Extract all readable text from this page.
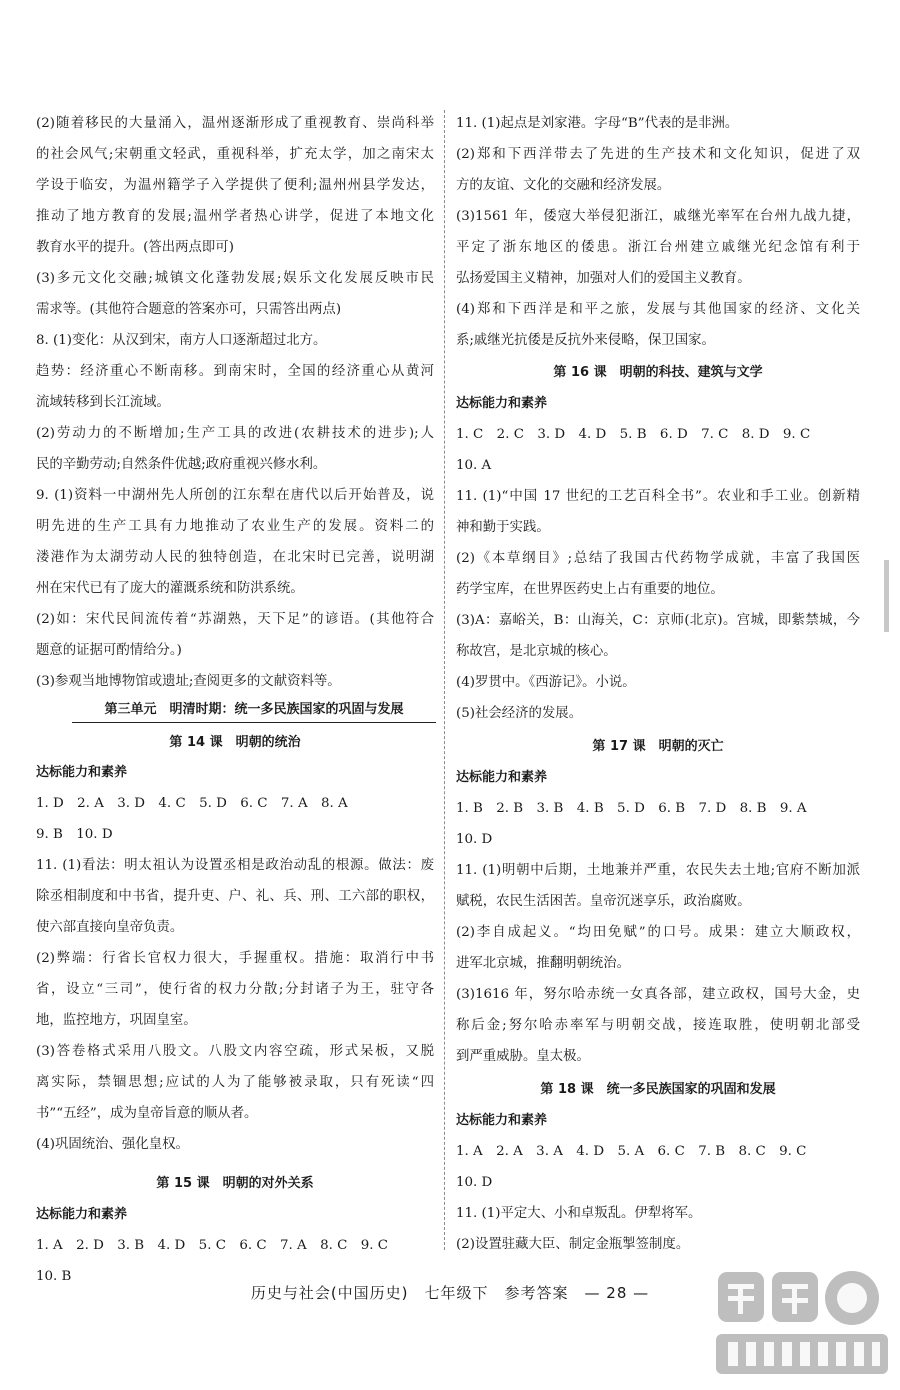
(2)随着移民的大量涌入，温州逐渐形成了重视教育、崇尚科举
的社会风气;宋朝重文轻武，重视科举，扩充太学，加之南宋太
学设于临安，为温州籍学子入学提供了便利;温州州县学发达，
推动了地方教育的发展;温州学者热心讲学，促进了本地文化
教育水平的提升。(答出两点即可)
(3)多元文化交融;城镇文化蓬勃发展;娱乐文化发展反映市民
需求等。(其他符合题意的答案亦可，只需答出两点)
8. (1)变化：从汉到宋，南方人口逐渐超过北方。
趋势：经济重心不断南移。到南宋时，全国的经济重心从黄河
流域转移到长江流域。
(2)劳动力的不断增加;生产工具的改进(农耕技术的进步);人
民的辛勤劳动;自然条件优越;政府重视兴修水利。
9. (1)资料一中湖州先人所创的江东犁在唐代以后开始普及，说
明先进的生产工具有力地推动了农业生产的发展。资料二的
溇港作为太湖劳动人民的独特创造，在北宋时已完善，说明湖
州在宋代已有了庞大的灌溉系统和防洪系统。
(2)如：宋代民间流传着“苏湖熟，天下足”的谚语。(其他符合
题意的证据可酌情给分。)
(3)参观当地博物馆或遗址;查阅更多的文献资料等。
第三单元　明清时期：统一多民族国家的巩固与发展
第 14 课　明朝的统治
达标能力和素养
1. D　2. A　3. D　4. C　5. D　6. C　7. A　8. A
9. B　10. D
11. (1)看法：明太祖认为设置丞相是政治动乱的根源。做法：废
除丞相制度和中书省，提升吏、户、礼、兵、刑、工六部的职权，
使六部直接向皇帝负责。
(2)弊端：行省长官权力很大，手握重权。措施：取消行中书
省，设立“三司”，使行省的权力分散;分封诸子为王，驻守各
地，监控地方，巩固皇室。
(3)答卷格式采用八股文。八股文内容空疏，形式呆板，又脱
离实际，禁锢思想;应试的人为了能够被录取，只有死读“四
书”“五经”，成为皇帝旨意的顺从者。
(4)巩固统治、强化皇权。
第 15 课　明朝的对外关系
达标能力和素养
1. A　2. D　3. B　4. D　5. C　6. C　7. A　8. C　9. C
10. B
11. (1)起点是刘家港。字母“B”代表的是非洲。
(2)郑和下西洋带去了先进的生产技术和文化知识，促进了双
方的友谊、文化的交融和经济发展。
(3)1561 年，倭寇大举侵犯浙江，戚继光率军在台州九战九捷，
平定了浙东地区的倭患。浙江台州建立戚继光纪念馆有利于
弘扬爱国主义精神，加强对人们的爱国主义教育。
(4)郑和下西洋是和平之旅，发展与其他国家的经济、文化关
系;戚继光抗倭是反抗外来侵略，保卫国家。
第 16 课　明朝的科技、建筑与文学
达标能力和素养
1. C　2. C　3. D　4. D　5. B　6. D　7. C　8. D　9. C
10. A
11. (1)“中国 17 世纪的工艺百科全书”。农业和手工业。创新精
神和勤于实践。
(2)《本草纲目》;总结了我国古代药物学成就，丰富了我国医
药学宝库，在世界医药史上占有重要的地位。
(3)A：嘉峪关，B：山海关，C：京师(北京)。宫城，即紫禁城，今
称故宫，是北京城的核心。
(4)罗贯中。《西游记》。小说。
(5)社会经济的发展。
第 17 课　明朝的灭亡
达标能力和素养
1. B　2. B　3. B　4. B　5. D　6. B　7. D　8. B　9. A
10. D
11. (1)明朝中后期，土地兼并严重，农民失去土地;官府不断加派
赋税，农民生活困苦。皇帝沉迷享乐，政治腐败。
(2)李自成起义。“均田免赋”的口号。成果：建立大顺政权，
进军北京城，推翻明朝统治。
(3)1616 年，努尔哈赤统一女真各部，建立政权，国号大金，史
称后金;努尔哈赤率军与明朝交战，接连取胜，使明朝北部受
到严重威胁。皇太极。
第 18 课　统一多民族国家的巩固和发展
达标能力和素养
1. A　2. A　3. A　4. D　5. A　6. C　7. B　8. C　9. C
10. D
11. (1)平定大、小和卓叛乱。伊犁将军。
(2)设置驻藏大臣、制定金瓶掣签制度。
历史与社会(中国历史)　七年级下　参考答案　— 28 —
